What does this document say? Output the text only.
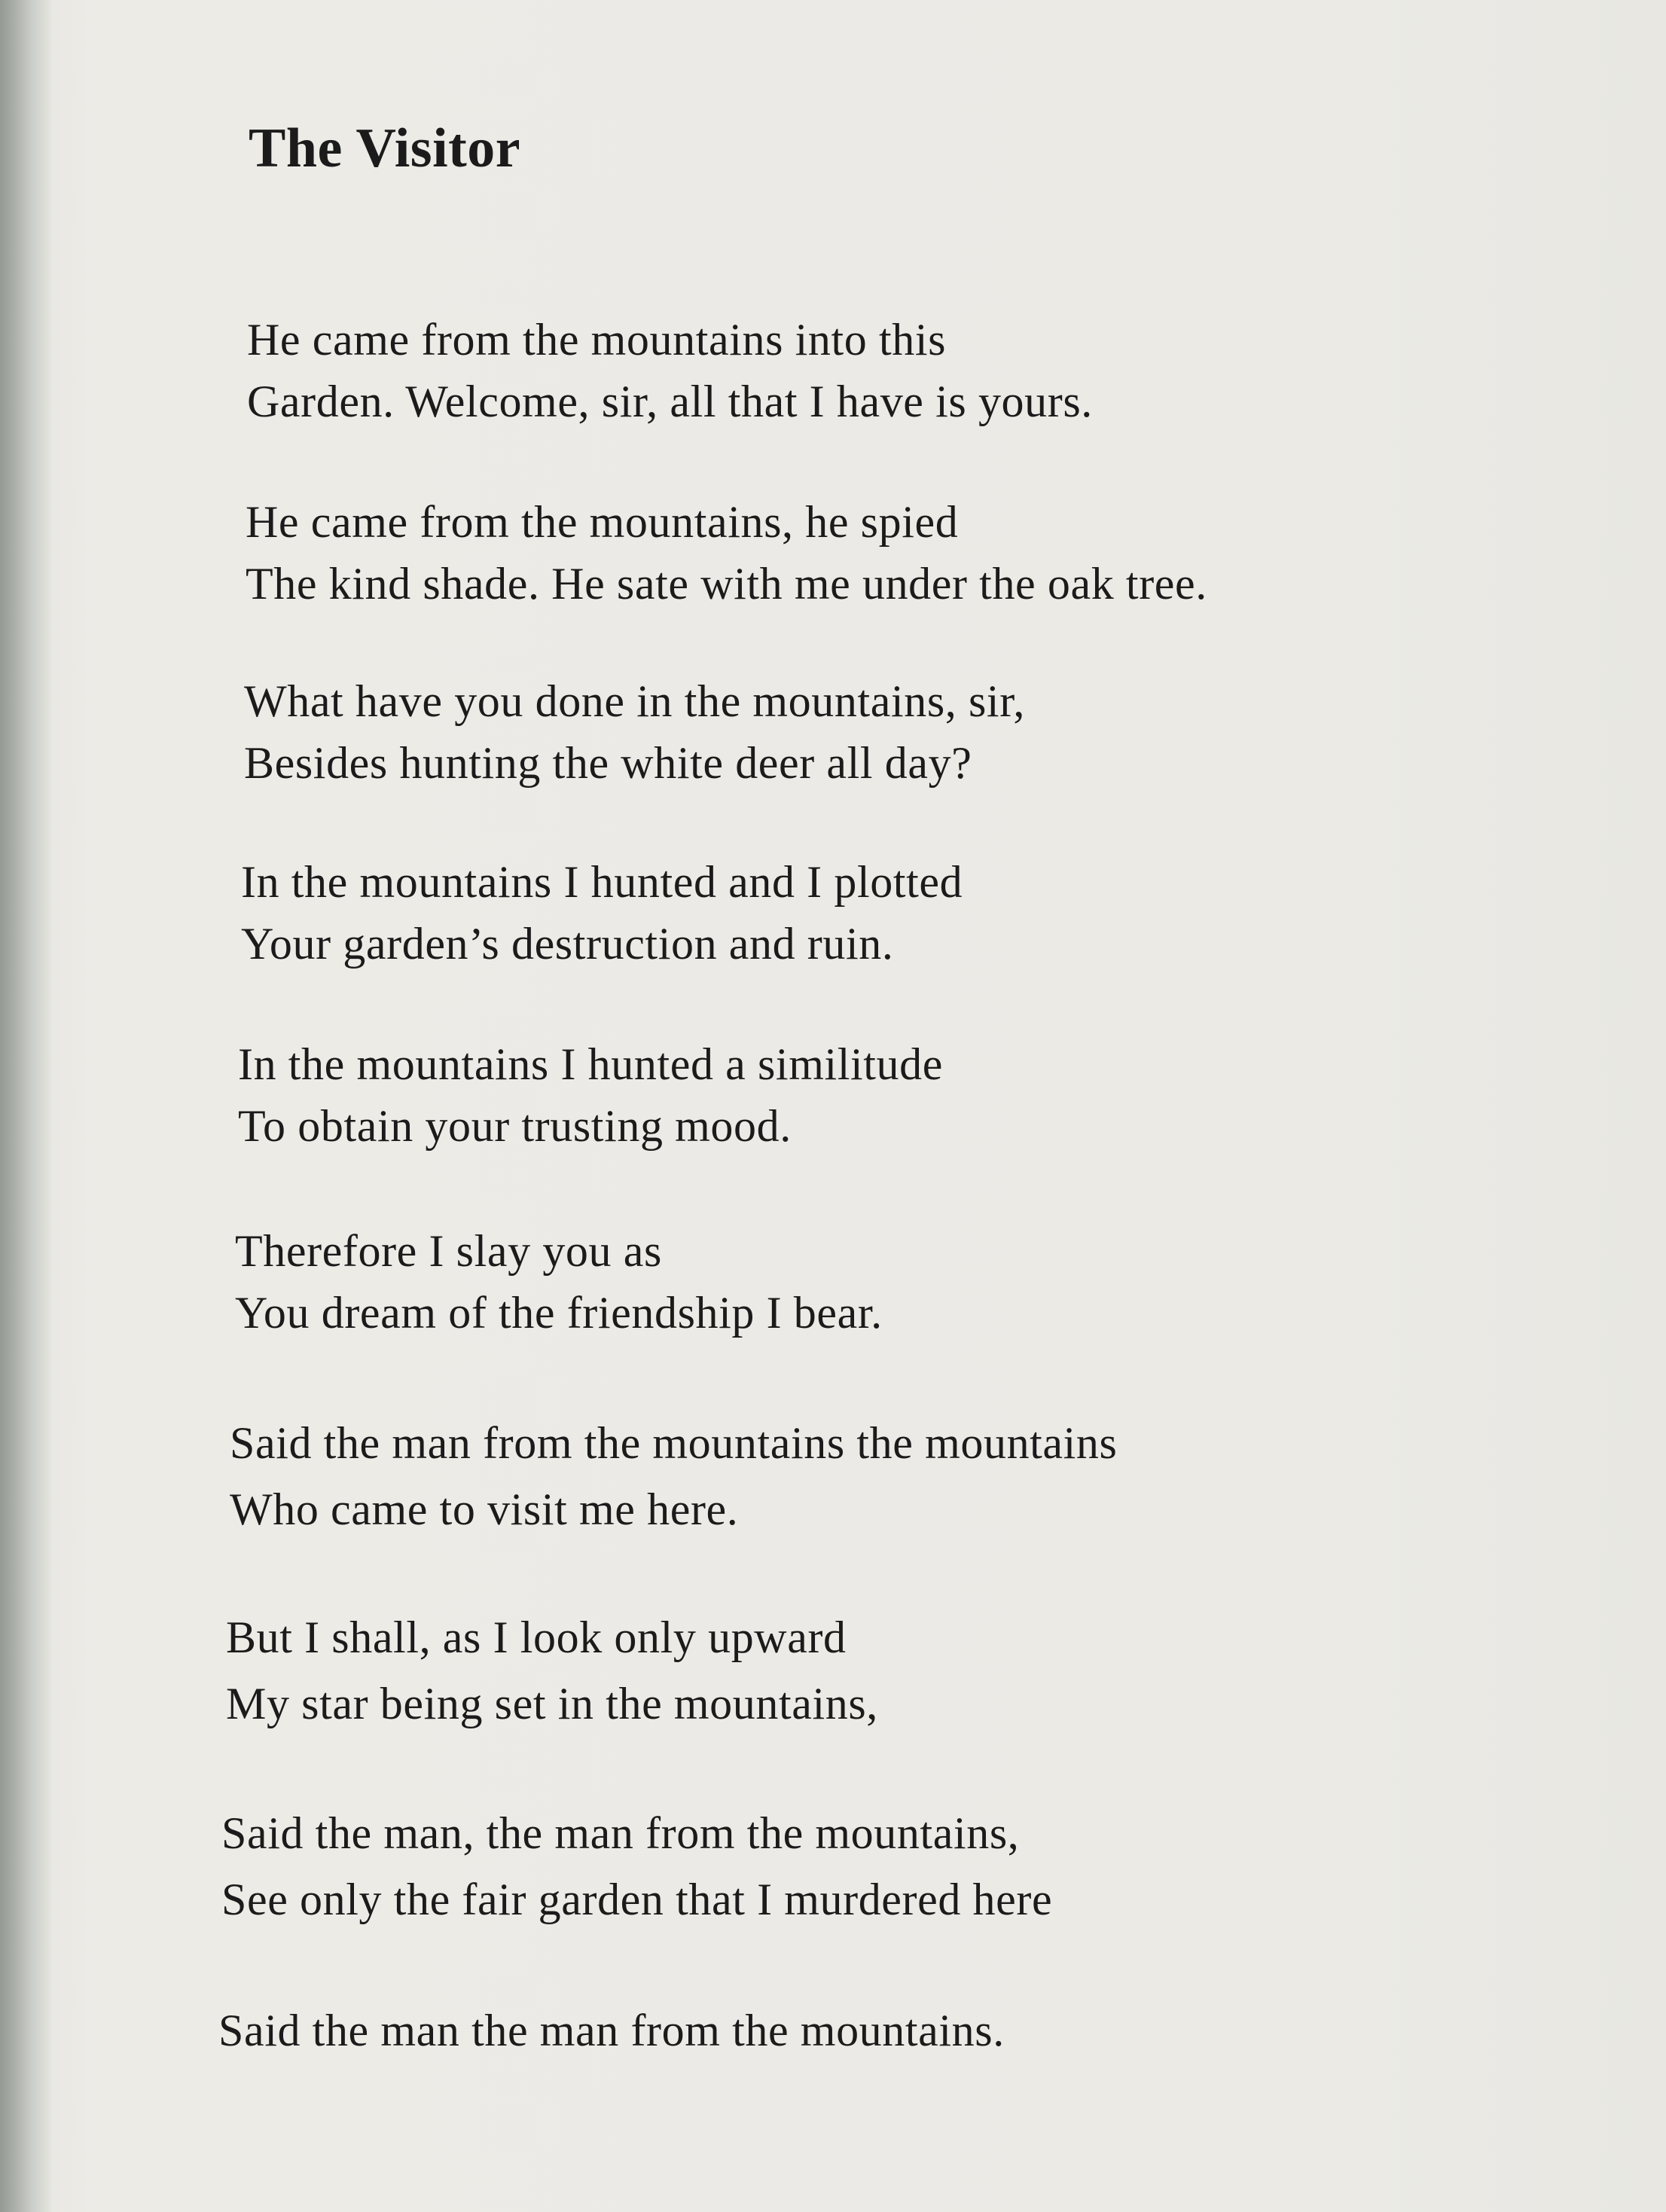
The Visitor
He came from the mountains into this
Garden. Welcome, sir, all that I have is yours.
He came from the mountains, he spied
The kind shade. He sate with me under the oak tree.
What have you done in the mountains, sir,
Besides hunting the white deer all day?
In the mountains I hunted and I plotted
Your garden’s destruction and ruin.
In the mountains I hunted a similitude
To obtain your trusting mood.
Therefore I slay you as
You dream of the friendship I bear.
Said the man from the mountains the mountains
Who came to visit me here.
But I shall, as I look only upward
My star being set in the mountains,
Said the man, the man from the mountains,
See only the fair garden that I murdered here
Said the man the man from the mountains.
